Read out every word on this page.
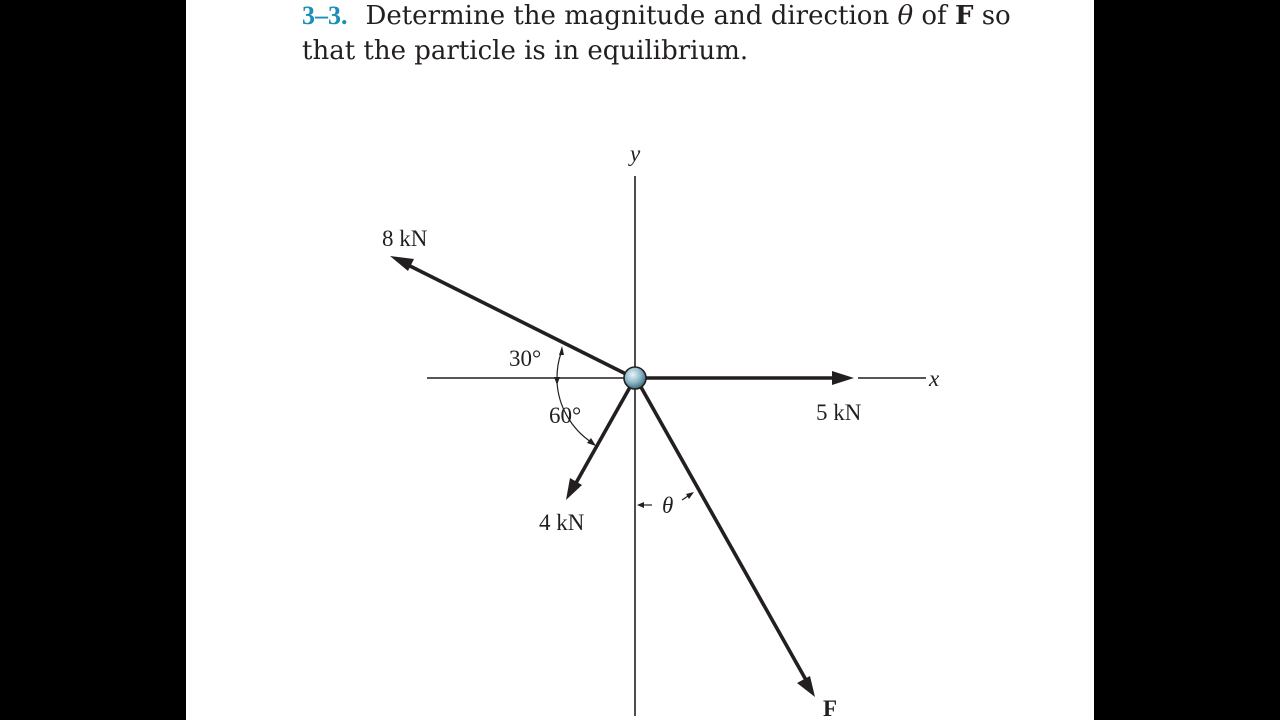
3–3. Determine the magnitude and direction θ of F so that the particle is in equilibrium.
y
x
8 kN
5 kN
4 kN
F
30°
60°
θ
